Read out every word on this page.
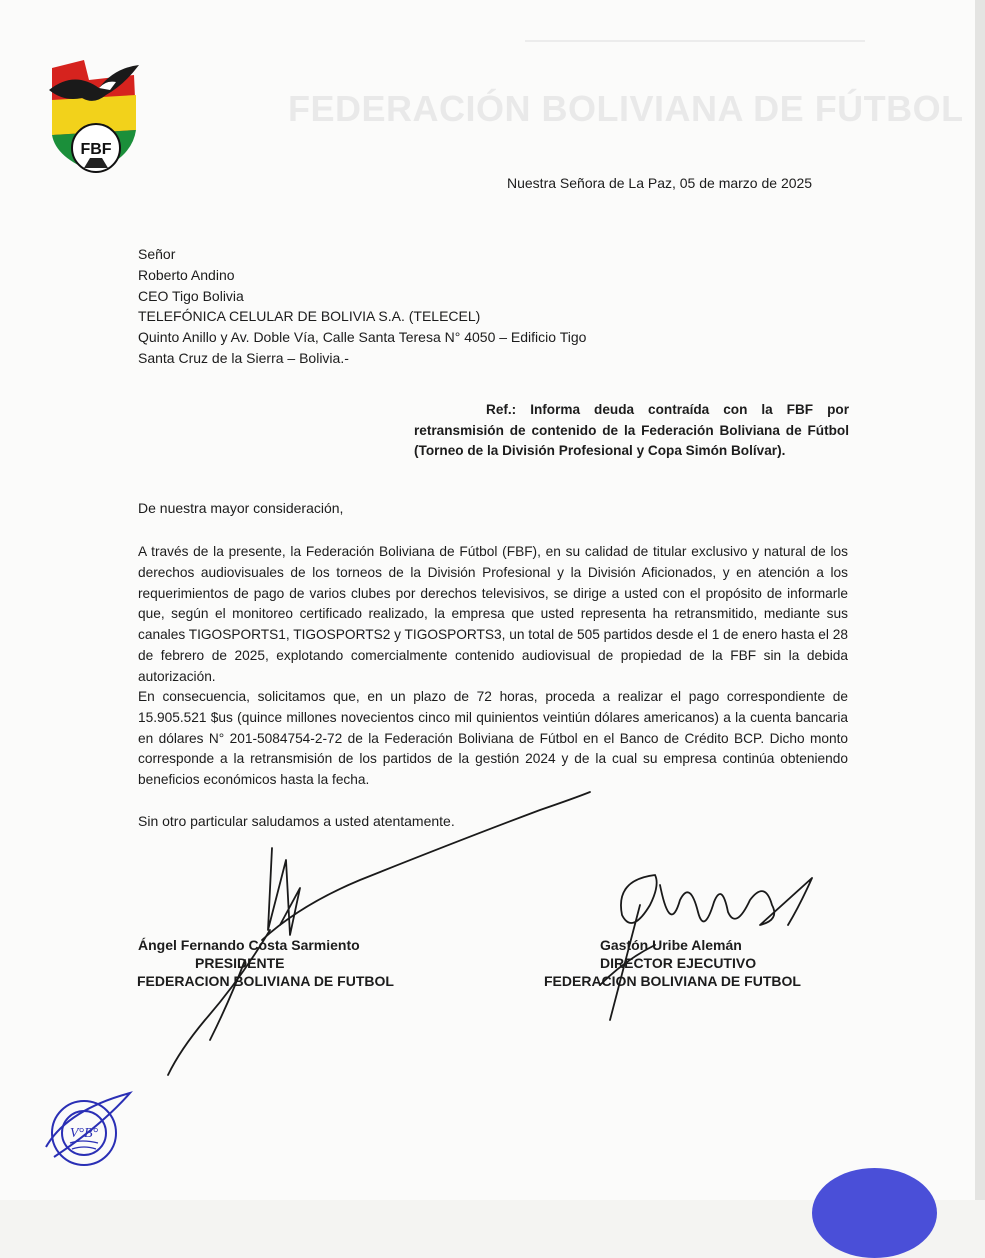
FBF
FEDERACIÓN BOLIVIANA DE FÚTBOL
Nuestra Señora de La Paz, 05 de marzo de 2025
Señor
Roberto Andino
CEO Tigo Bolivia
TELEFÓNICA CELULAR DE BOLIVIA S.A. (TELECEL)
Quinto Anillo y Av. Doble Vía, Calle Santa Teresa N° 4050 – Edificio Tigo
Santa Cruz de la Sierra – Bolivia.-
Ref.: Informa deuda contraída con la FBF por retransmisión de contenido de la Federación Boliviana de Fútbol (Torneo de la División Profesional y Copa Simón Bolívar).
De nuestra mayor consideración,

A través de la presente, la Federación Boliviana de Fútbol (FBF), en su calidad de titular exclusivo y natural de los derechos audiovisuales de los torneos de la División Profesional y la División Aficionados, y en atención a los requerimientos de pago de varios clubes por derechos televisivos, se dirige a usted con el propósito de informarle que, según el monitoreo certificado realizado, la empresa que usted representa ha retransmitido, mediante sus canales TIGOSPORTS1, TIGOSPORTS2 y TIGOSPORTS3, un total de 505 partidos desde el 1 de enero hasta el 28 de febrero de 2025, explotando comercialmente contenido audiovisual de propiedad de la FBF sin la debida autorización.

En consecuencia, solicitamos que, en un plazo de 72 horas, proceda a realizar el pago correspondiente de 15.905.521 $us (quince millones novecientos cinco mil quinientos veintiún dólares americanos) a la cuenta bancaria en dólares N° 201-5084754-2-72 de la Federación Boliviana de Fútbol en el Banco de Crédito BCP. Dicho monto corresponde a la retransmisión de los partidos de la gestión 2024 y de la cual su empresa continúa obteniendo beneficios económicos hasta la fecha.

Sin otro particular saludamos a usted atentamente.
Ángel Fernando Costa Sarmiento
PRESIDENTE
FEDERACION BOLIVIANA DE FUTBOL
Gastón Uribe Alemán
DIRECTOR EJECUTIVO
FEDERACION BOLIVIANA DE FUTBOL
V°B°
